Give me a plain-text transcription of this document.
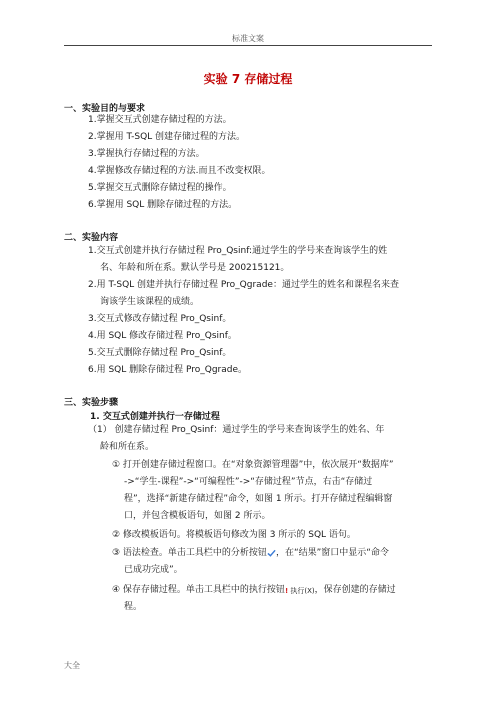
标准文案
实验 7 存储过程
一、实验目的与要求
1.掌握交互式创建存储过程的方法。
2.掌握用 T-SQL 创建存储过程的方法。
3.掌握执行存储过程的方法。
4.掌握修改存储过程的方法.而且不改变权限。
5.掌握交互式删除存储过程的操作。
6.掌握用 SQL 删除存储过程的方法。
二、实验内容
1.交互式创建并执行存储过程 Pro_Qsinf:通过学生的学号来查询该学生的姓
名、年龄和所在系。默认学号是 200215121。
2.用 T-SQL 创建并执行存储过程 Pro_Qgrade：通过学生的姓名和课程名来查
询该学生该课程的成绩。
3.交互式修改存储过程 Pro_Qsinf。
4.用 SQL 修改存储过程 Pro_Qsinf。
5.交互式删除存储过程 Pro_Qsinf。
6.用 SQL 删除存储过程 Pro_Qgrade。
三、实验步骤
1. 交互式创建并执行一存储过程
（1） 创建存储过程 Pro_Qsinf：通过学生的学号来查询该学生的姓名、年
龄和所在系。
① 打开创建存储过程窗口。在“对象资源管理器”中，依次展开“数据库”
->“学生-课程”->“可编程性”->“存储过程”节点，右击“存储过
程”，选择“新建存储过程”命令，如图 1 所示。打开存储过程编辑窗
口，并包含模板语句，如图 2 所示。
② 修改模板语句。将模板语句修改为图 3 所示的 SQL 语句。
③ 语法检查。单击工具栏中的分析按钮 ，在“结果”窗口中显示“命令
已成功完成”。
④ 保存存储过程。单击工具栏中的执行按钮! 执行(X)，保存创建的存储过
程。
大全
